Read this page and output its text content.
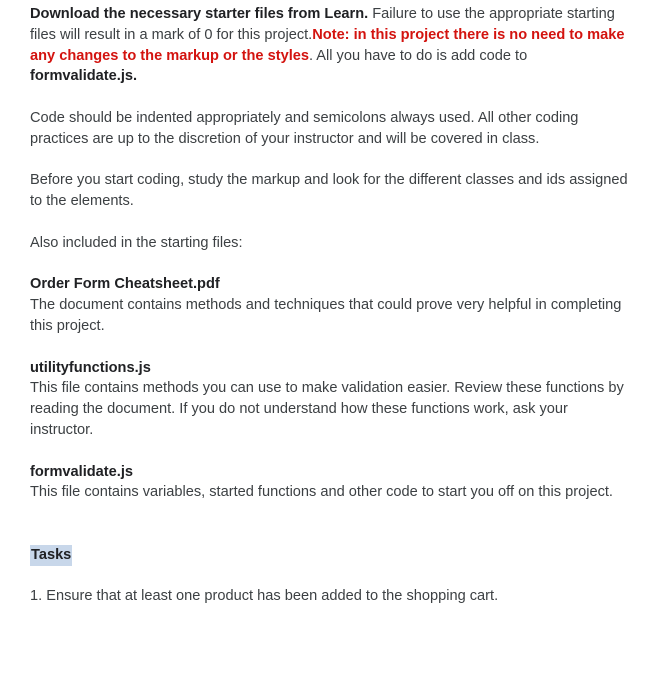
Download the necessary starter files from Learn. Failure to use the appropriate starting files will result in a mark of 0 for this project.Note: in this project there is no need to make any changes to the markup or the styles. All you have to do is add code to formvalidate.js.

Code should be indented appropriately and semicolons always used. All other coding practices are up to the discretion of your instructor and will be covered in class.

Before you start coding, study the markup and look for the different classes and ids assigned to the elements.

Also included in the starting files:

Order Form Cheatsheet.pdf

The document contains methods and techniques that could prove very helpful in completing this project.

utilityfunctions.js

This file contains methods you can use to make validation easier. Review these functions by reading the document. If you do not understand how these functions work, ask your instructor.

formvalidate.js

This file contains variables, started functions and other code to start you off on this project.

Tasks

1. Ensure that at least one product has been added to the shopping cart.
